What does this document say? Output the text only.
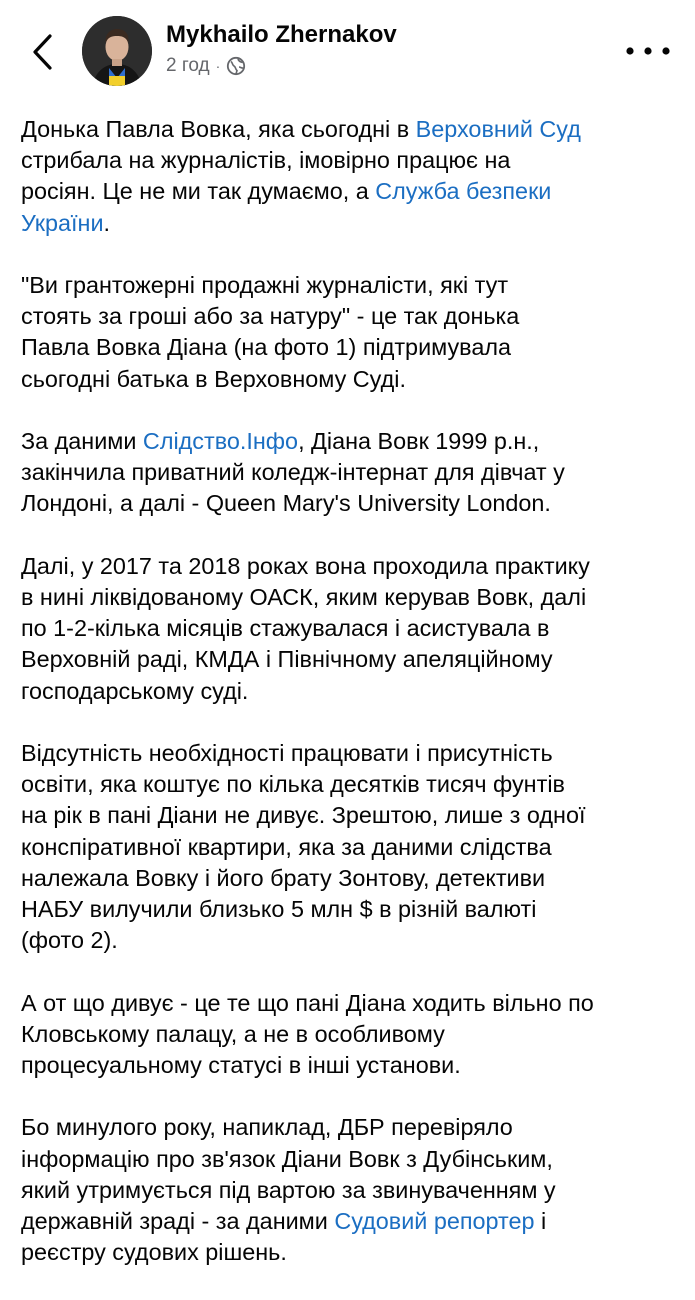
Mykhailo Zhernakov
2 год ·
Донька Павла Вовка, яка сьогодні в Верховний Суд
стрибала на журналістів, імовірно працює на
росіян. Це не ми так думаємо, а Служба безпеки
України.
"Ви грантожерні продажні журналісти, які тут
стоять за гроші або за натуру" - це так донька
Павла Вовка Діана (на фото 1) підтримувала
сьогодні батька в Верховному Суді.
За даними Слідство.Інфо, Діана Вовк 1999 р.н.,
закінчила приватний коледж-інтернат для дівчат у
Лондоні, а далі - Queen Mary's University London.
Далі, у 2017 та 2018 роках вона проходила практику
в нині ліквідованому ОАСК, яким керував Вовк, далі
по 1-2-кілька місяців стажувалася і асистувала в
Верховній раді, КМДА і Північному апеляційному
господарському суді.
Відсутність необхідності працювати і присутність
освіти, яка коштує по кілька десятків тисяч фунтів
на рік в пані Діани не дивує. Зрештою, лише з одної
конспіративної квартири, яка за даними слідства
належала Вовку і його брату Зонтову, детективи
НАБУ вилучили близько 5 млн $ в різній валюті
(фото 2).
А от що дивує - це те що пані Діана ходить вільно по
Кловському палацу, а не в особливому
процесуальному статусі в інші установи.
Бо минулого року, напиклад, ДБР перевіряло
інформацію про зв'язок Діани Вовк з Дубінським,
який утримується під вартою за звинуваченням у
державній зраді - за даними Судовий репортер і
реєстру судових рішень.
